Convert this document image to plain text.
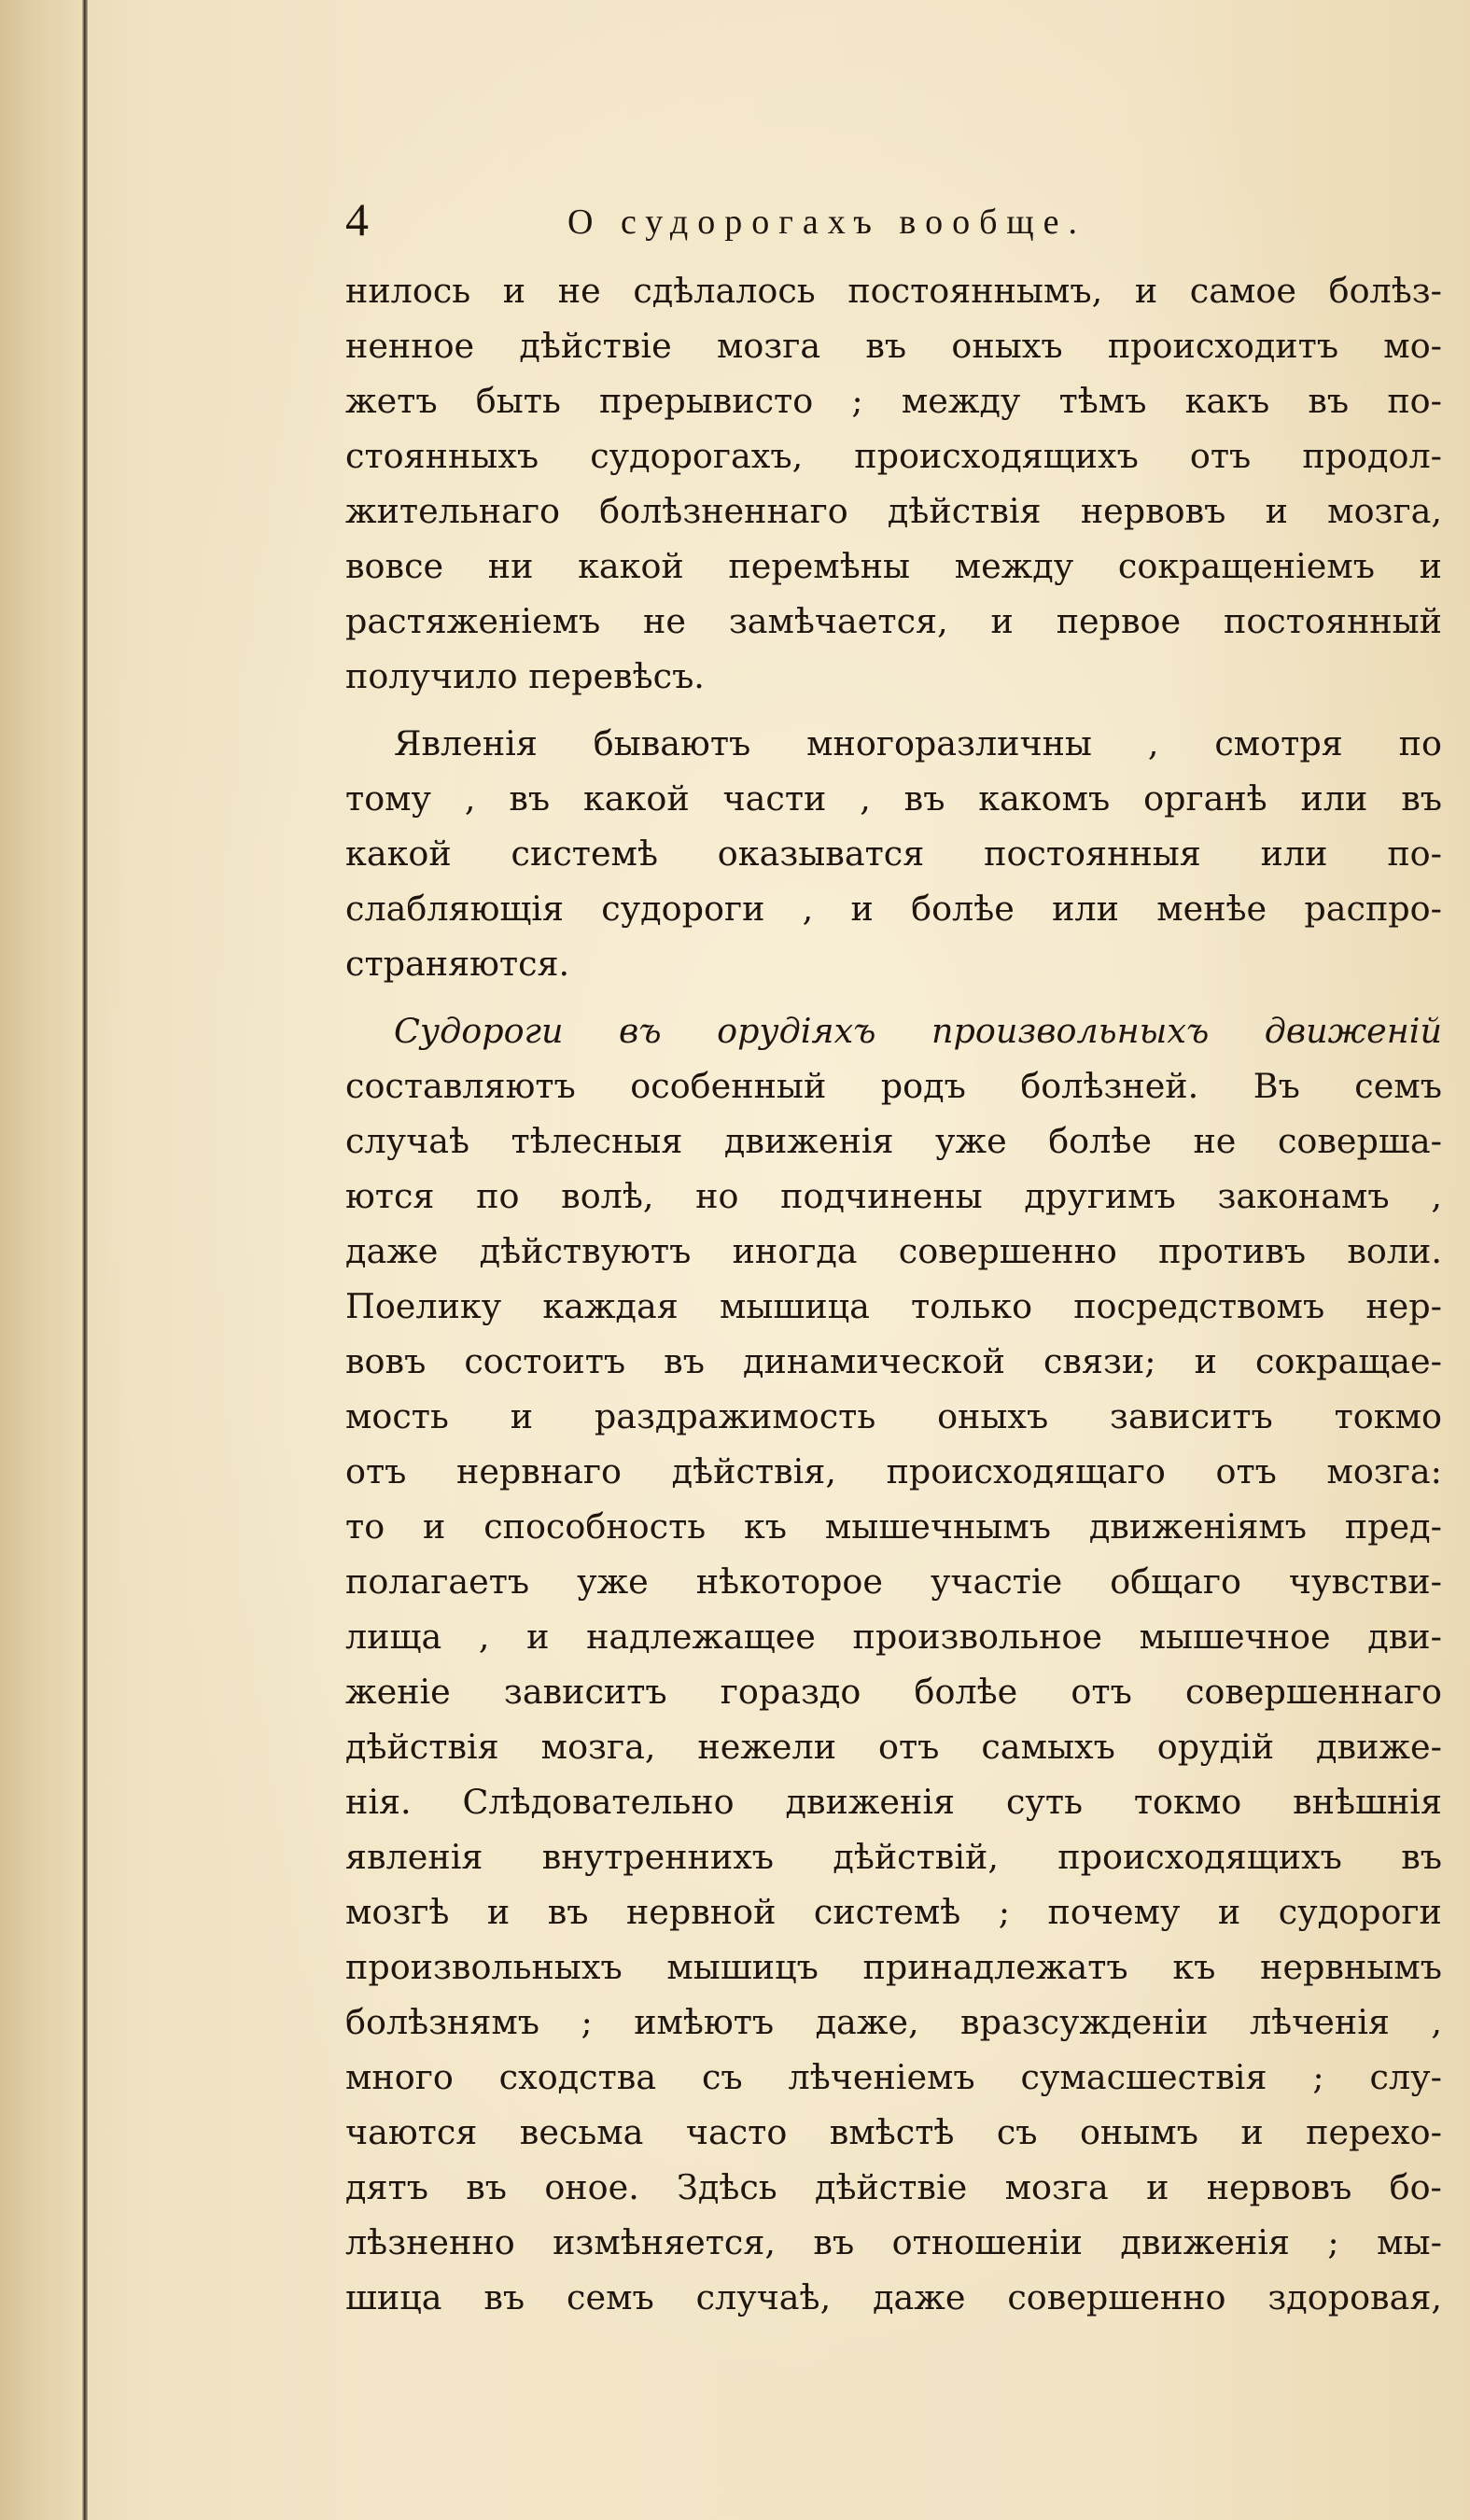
4	О судорогахъ вообще.
нилось и не сдѣлалось постояннымъ, и самое болѣз-
ненное дѣйствiе мозга въ оныхъ происходитъ мо-
жетъ быть прерывисто ; между тѣмъ какъ въ по-
стоянныхъ судорогахъ, происходящихъ отъ продол-
жительнаго болѣзненнаго дѣйствiя нервовъ и мозга,
вовсе ни какой перемѣны между сокращенiемъ и
растяженiемъ не замѣчается, и первое постоянный
получило перевѣсъ.
Явленiя бываютъ многоразличны , смотря по
тому , въ какой части , въ какомъ органѣ или въ
какой системѣ оказыватся постоянныя или по-
слабляющiя судороги , и болѣе или менѣе распро-
страняются.
Судороги въ орудiяхъ произвольныхъ движенiй
составляютъ особенный родъ болѣзней. Въ семъ
случаѣ тѣлесныя движенiя уже болѣе не соверша-
ются по волѣ, но подчинены другимъ законамъ ,
даже дѣйствуютъ иногда совершенно противъ воли.
Поелику каждая мышица только посредствомъ нер-
вовъ состоитъ въ динамической связи; и сокращае-
мость и раздражимость оныхъ зависитъ токмо
отъ нервнаго дѣйствiя, происходящаго отъ мозга:
то и способность къ мышечнымъ движенiямъ пред-
полагаетъ уже нѣкоторое участiе общаго чувстви-
лища , и надлежащее произвольное мышечное дви-
женiе зависитъ гораздо болѣе отъ совершеннаго
дѣйствiя мозга, нежели отъ самыхъ орудiй движе-
нiя. Слѣдовательно движенiя суть токмо внѣшнiя
явленiя внутреннихъ дѣйствiй, происходящихъ въ
мозгѣ и въ нервной системѣ ; почему и судороги
произвольныхъ мышицъ принадлежатъ къ нервнымъ
болѣзнямъ ; имѣютъ даже, вразсужденiи лѣченiя ,
много сходства съ лѣченiемъ сумасшествiя ; слу-
чаются весьма часто вмѣстѣ съ онымъ и перехо-
дятъ въ оное. Здѣсь дѣйствiе мозга и нервовъ бо-
лѣзненно измѣняется, въ отношенiи движенiя ; мы-
шица въ семъ случаѣ, даже совершенно здоровая,
